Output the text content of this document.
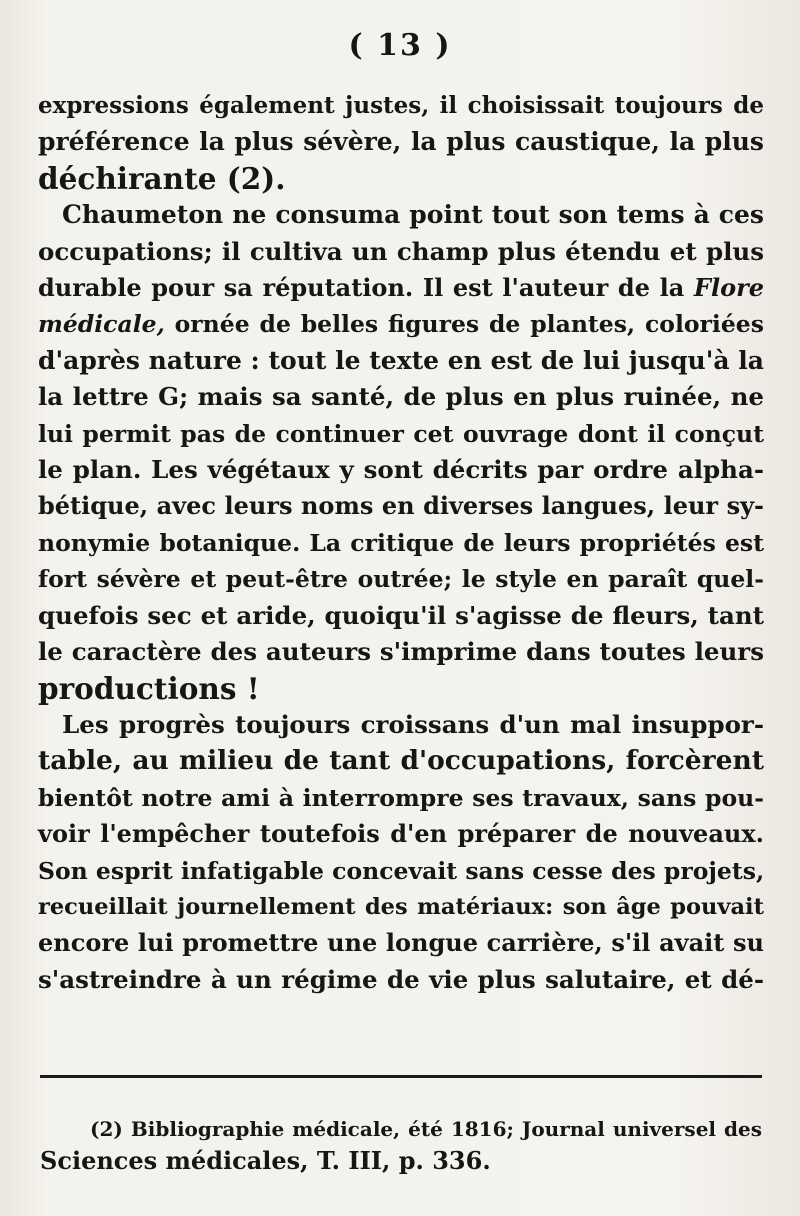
( 13 )

expressions également justes, il choisissait toujours de
préférence la plus sévère, la plus caustique, la plus
déchirante (2).

Chaumeton ne consuma point tout son tems à ces
occupations; il cultiva un champ plus étendu et plus
durable pour sa réputation. Il est l'auteur de la Flore
médicale, ornée de belles figures de plantes, coloriées
d'après nature : tout le texte en est de lui jusqu'à la
la lettre G; mais sa santé, de plus en plus ruinée, ne
lui permit pas de continuer cet ouvrage dont il conçut
le plan. Les végétaux y sont décrits par ordre alpha-
bétique, avec leurs noms en diverses langues, leur sy-
nonymie botanique. La critique de leurs propriétés est
fort sévère et peut-être outrée; le style en paraît quel-
quefois sec et aride, quoiqu'il s'agisse de fleurs, tant
le caractère des auteurs s'imprime dans toutes leurs
productions !

Les progrès toujours croissans d'un mal insuppor-
table, au milieu de tant d'occupations, forcèrent
bientôt notre ami à interrompre ses travaux, sans pou-
voir l'empêcher toutefois d'en préparer de nouveaux.
Son esprit infatigable concevait sans cesse des projets,
recueillait journellement des matériaux: son âge pouvait
encore lui promettre une longue carrière, s'il avait su
s'astreindre à un régime de vie plus salutaire, et dé-

(2) Bibliographie médicale, été 1816; Journal universel des
Sciences médicales, T. III, p. 336.
